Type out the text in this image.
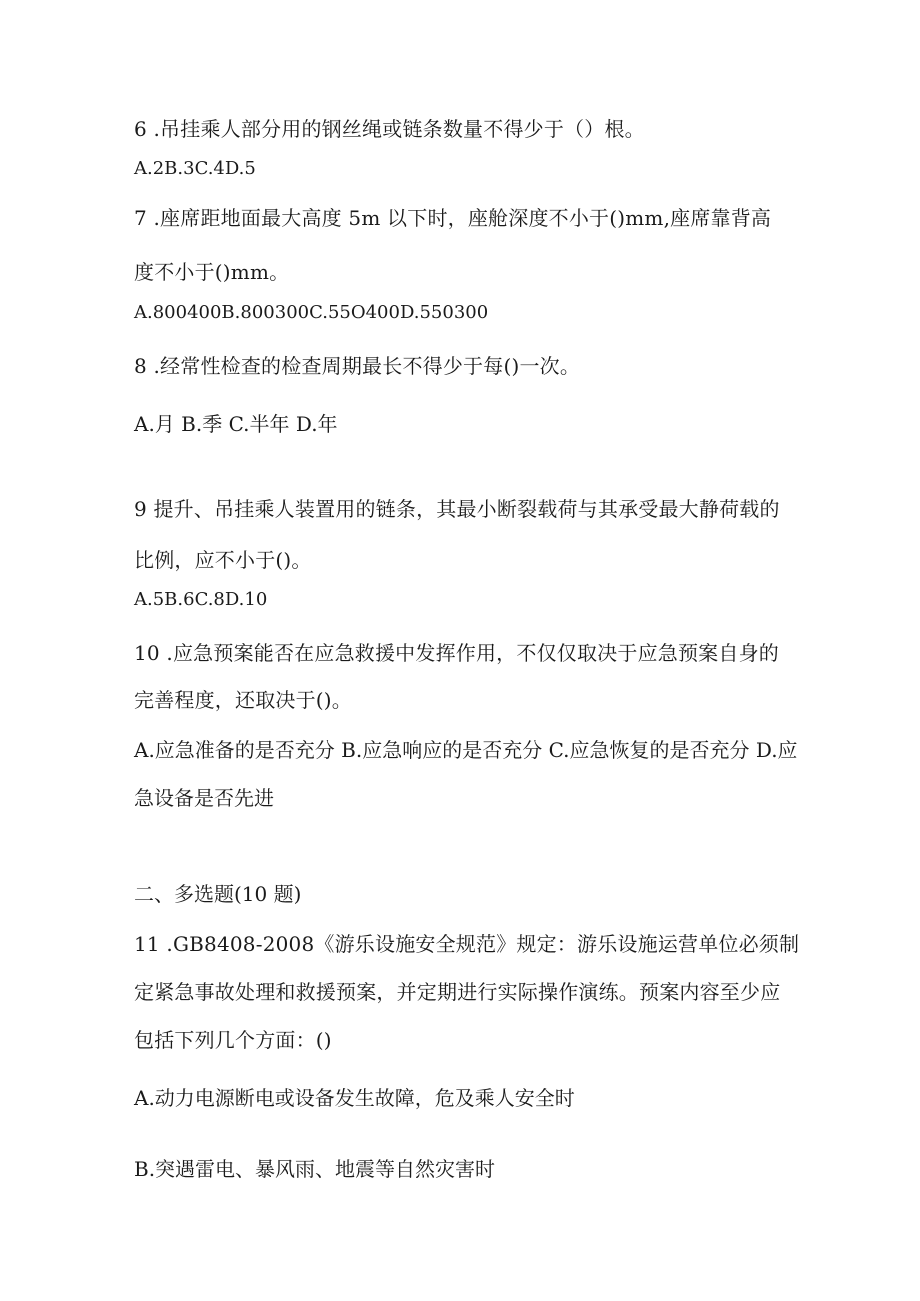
6 .吊挂乘人部分用的钢丝绳或链条数量不得少于（）根。
A.2B.3C.4D.5
7 .座席距地面最大高度 5m 以下时，座舱深度不小于()mm,座席靠背高
度不小于()mm。
A.800400B.800300C.55O400D.550300
8 .经常性检查的检查周期最长不得少于每()一次。
A.月 B.季 C.半年 D.年
9 提升、吊挂乘人装置用的链条，其最小断裂载荷与其承受最大静荷载的
比例，应不小于()。
A.5B.6C.8D.10
10 .应急预案能否在应急救援中发挥作用，不仅仅取决于应急预案自身的
完善程度，还取决于()。
A.应急准备的是否充分 B.应急响应的是否充分 C.应急恢复的是否充分 D.应
急设备是否先进
二、多选题(10 题)
11 .GB8408-2008《游乐设施安全规范》规定：游乐设施运营单位必须制
定紧急事故处理和救援预案，并定期进行实际操作演练。预案内容至少应
包括下列几个方面：()
A.动力电源断电或设备发生故障，危及乘人安全时
B.突遇雷电、暴风雨、地震等自然灾害时
